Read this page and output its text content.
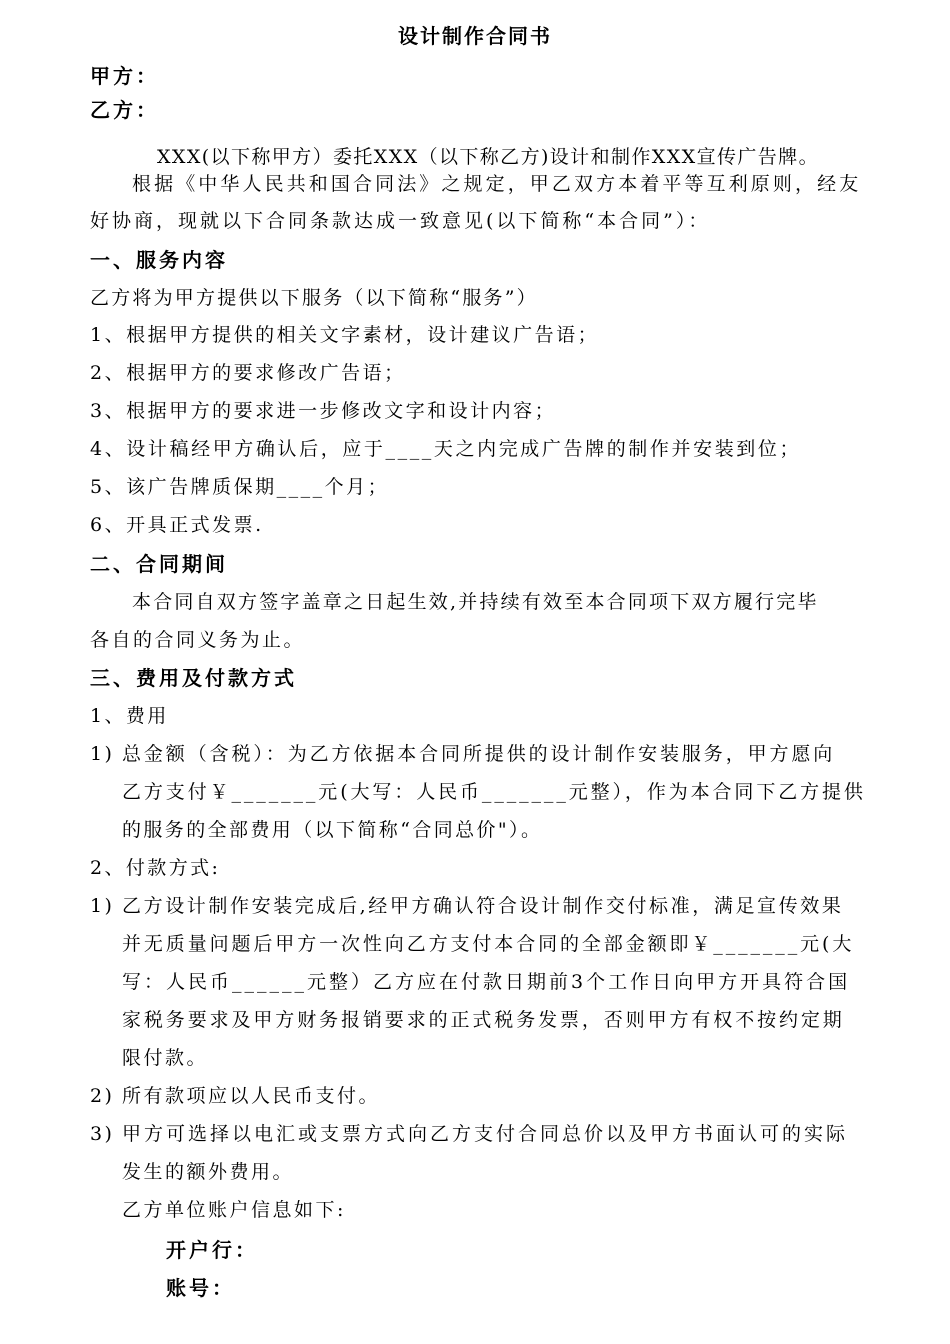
设计制作合同书
甲方：
乙方：
XXX(以下称甲方）委托XXX（以下称乙方)设计和制作XXX宣传广告牌。
根据《中华人民共和国合同法》之规定，甲乙双方本着平等互利原则，经友
好协商，现就以下合同条款达成一致意见(以下简称“本合同”）：
一、服务内容
乙方将为甲方提供以下服务（以下简称“服务”）
1、根据甲方提供的相关文字素材，设计建议广告语；
2、根据甲方的要求修改广告语；
3、根据甲方的要求进一步修改文字和设计内容；
4、设计稿经甲方确认后，应于____天之内完成广告牌的制作并安装到位；
5、该广告牌质保期____个月；
6、开具正式发票.
二、合同期间
本合同自双方签字盖章之日起生效,并持续有效至本合同项下双方履行完毕
各自的合同义务为止。
三、费用及付款方式
1、费用
1) 总金额（含税）：为乙方依据本合同所提供的设计制作安装服务，甲方愿向
乙方支付￥_______元(大写：人民币_______元整），作为本合同下乙方提供
的服务的全部费用（以下简称“合同总价"）。
2、付款方式:
1) 乙方设计制作安装完成后,经甲方确认符合设计制作交付标准，满足宣传效果
并无质量问题后甲方一次性向乙方支付本合同的全部金额即￥_______元(大
写：人民币______元整）乙方应在付款日期前3个工作日向甲方开具符合国
家税务要求及甲方财务报销要求的正式税务发票，否则甲方有权不按约定期
限付款。
2) 所有款项应以人民币支付。
3) 甲方可选择以电汇或支票方式向乙方支付合同总价以及甲方书面认可的实际
发生的额外费用。
乙方单位账户信息如下:
开户行：
账号：
